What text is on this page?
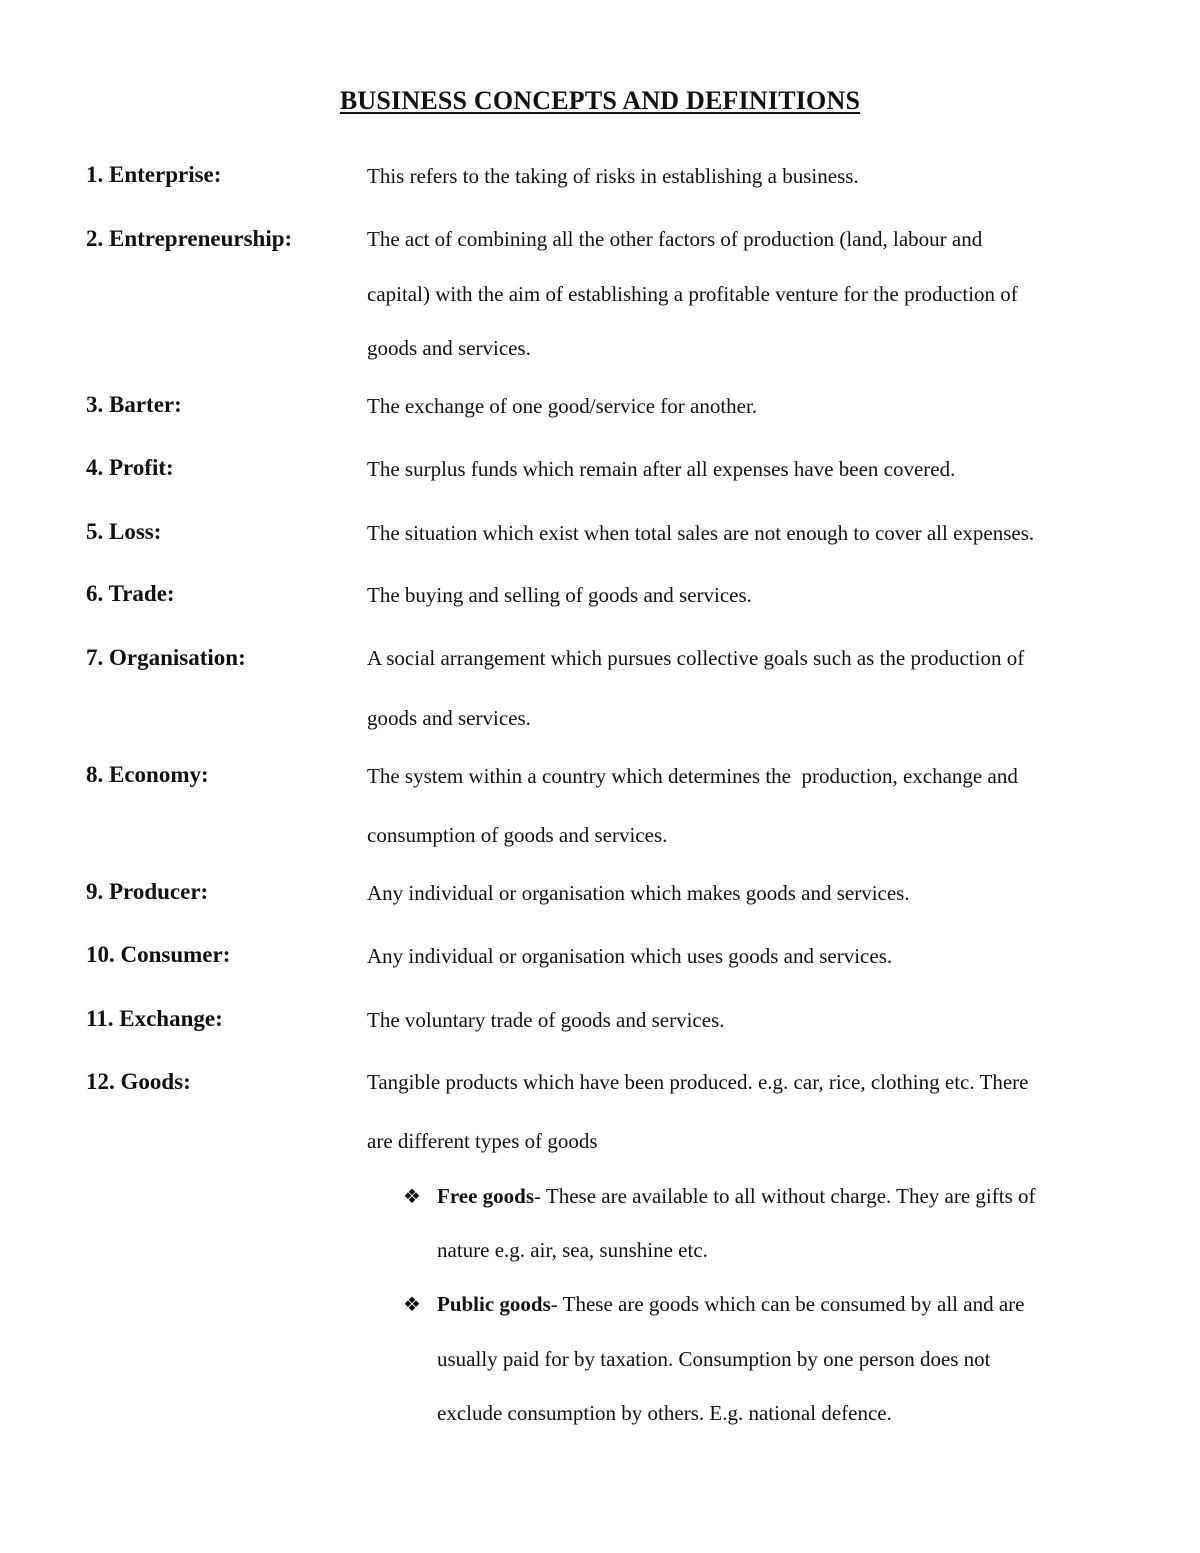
BUSINESS CONCEPTS AND DEFINITIONS
1. Enterprise:	This refers to the taking of risks in establishing a business.
2. Entrepreneurship:	The act of combining all the other factors of production (land, labour and
capital) with the aim of establishing a profitable venture for the production of
goods and services.
3. Barter:	The exchange of one good/service for another.
4. Profit:	The surplus funds which remain after all expenses have been covered.
5. Loss:	The situation which exist when total sales are not enough to cover all expenses.
6. Trade:	The buying and selling of goods and services.
7. Organisation:	A social arrangement which pursues collective goals such as the production of
goods and services.
8. Economy:	The system within a country which determines the  production, exchange and
consumption of goods and services.
9. Producer:	Any individual or organisation which makes goods and services.
10. Consumer:	Any individual or organisation which uses goods and services.
11. Exchange:	The voluntary trade of goods and services.
12. Goods:	Tangible products which have been produced. e.g. car, rice, clothing etc. There
are different types of goods
❖ Free goods- These are available to all without charge. They are gifts of
nature e.g. air, sea, sunshine etc.
❖ Public goods- These are goods which can be consumed by all and are
usually paid for by taxation. Consumption by one person does not
exclude consumption by others. E.g. national defence.
